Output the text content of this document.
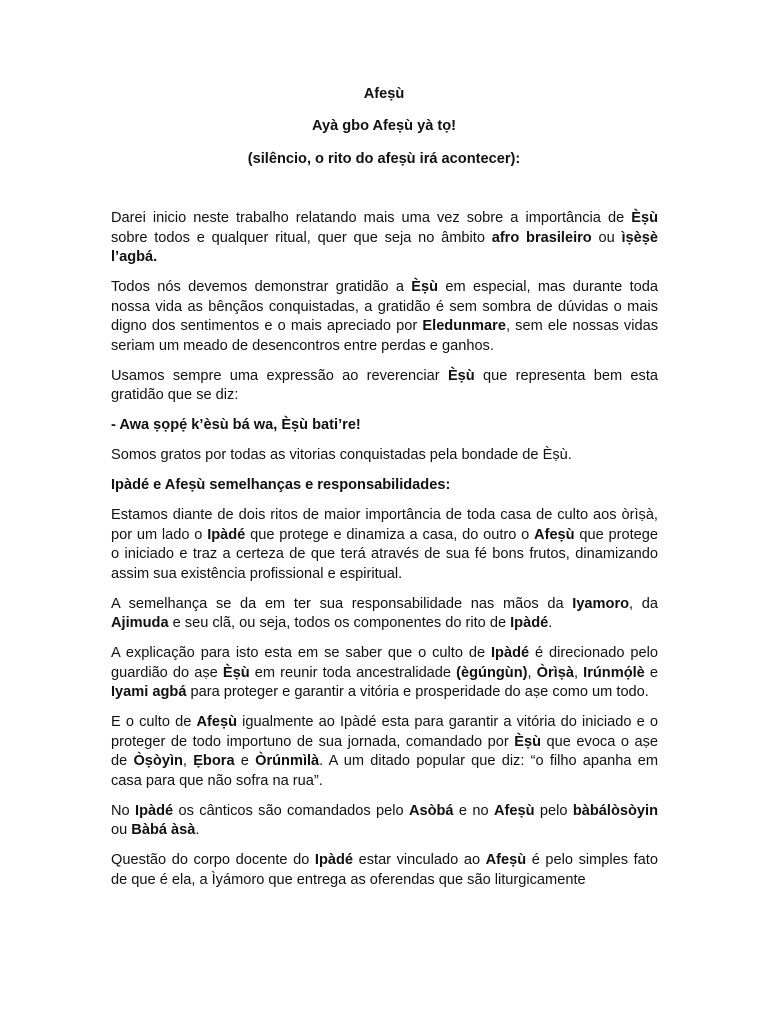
Afeṣù
Ayà gbo Afeṣù yà tọ!
(silêncio, o rito do afeṣù irá acontecer):

Darei inicio neste trabalho relatando mais uma vez sobre a importância de Èṣù sobre todos e qualquer ritual, quer que seja no âmbito afro brasileiro ou ìṣèṣè l’agbá.

Todos nós devemos demonstrar gratidão a Èṣù em especial, mas durante toda nossa vida as bênçãos conquistadas, a gratidão é sem sombra de dúvidas o mais digno dos sentimentos e o mais apreciado por Eledunmare, sem ele nossas vidas seriam um meado de desencontros entre perdas e ganhos.

Usamos sempre uma expressão ao reverenciar Èṣù que representa bem esta gratidão que se diz:

- Awa ṣọpẹ́ k’èsù bá wa, Èṣù bati’re!

Somos gratos por todas as vitorias conquistadas pela bondade de Èṣù.

Ipàdé e Afeṣù semelhanças e responsabilidades:

Estamos diante de dois ritos de maior importância de toda casa de culto aos òrìṣà, por um lado o Ipàdé que protege e dinamiza a casa, do outro o Afeṣù que protege o iniciado e traz a certeza de que terá através de sua fé bons frutos, dinamizando assim sua existência profissional e espiritual.

A semelhança se da em ter sua responsabilidade nas mãos da Iyamoro, da Ajimuda e seu clã, ou seja, todos os componentes do rito de Ipàdé.

A explicação para isto esta em se saber que o culto de Ipàdé é direcionado pelo guardião do aṣe Èṣù em reunir toda ancestralidade (ègúngùn), Òrìṣà, Irúnmọ́lè e Iyami agbá para proteger e garantir a vitória e prosperidade do aṣe como um todo.

E o culto de Afeṣù igualmente ao Ipàdé esta para garantir a vitória do iniciado e o proteger de todo importuno de sua jornada, comandado por Èṣù que evoca o aṣe de Òṣòyìn, Ẹbora e Òrúnmìlà. A um ditado popular que diz: “o filho apanha em casa para que não sofra na rua”.

No Ipàdé os cânticos são comandados pelo Asòbá e no Afeṣù pelo bàbálòsòyin ou Bàbá àsà.

Questão do corpo docente do Ipàdé estar vinculado ao Afeṣù é pelo simples fato de que é ela, a Ìyámoro que entrega as oferendas que são liturgicamente
